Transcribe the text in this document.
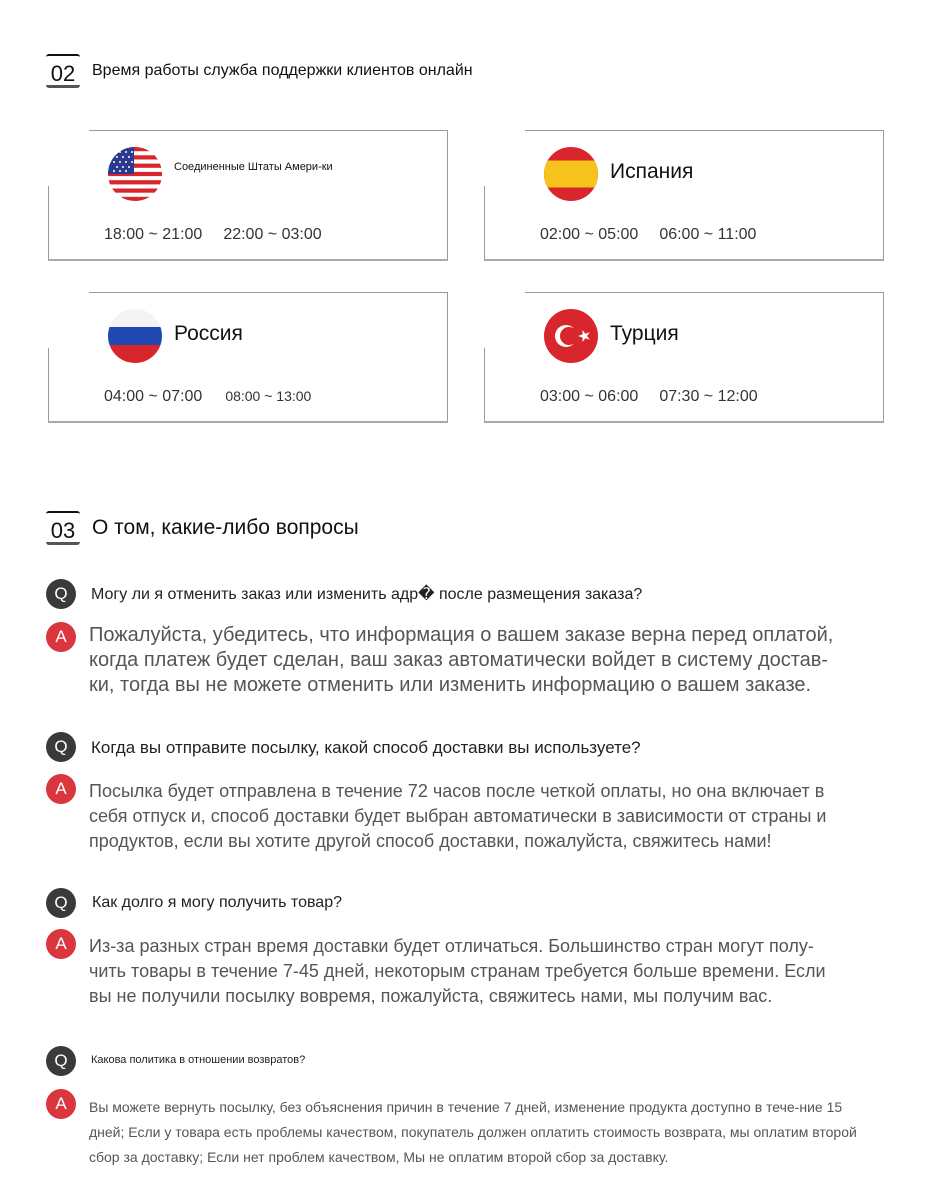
02 Время работы служба поддержки клиентов онлайн
Соединенные Штаты Амери-ки
18:00 ~ 21:00 22:00 ~ 03:00
Испания
02:00 ~ 05:00 06:00 ~ 11:00
Россия
04:00 ~ 07:00 08:00 ~ 13:00
Турция
03:00 ~ 06:00 07:30 ~ 12:00
03 О том, какие-либо вопросы
Q	Могу ли я отменить заказ или изменить адр� после размещения заказа?
A	Пожалуйста, убедитесь, что информация о вашем заказе верна перед оплатой, когда платеж будет сделан, ваш заказ автоматически войдет в систему достав-ки, тогда вы не можете отменить или изменить информацию о вашем заказе.
Q	Когда вы отправите посылку, какой способ доставки вы используете?
A	Посылка будет отправлена в течение 72 часов после четкой оплаты, но она включает в себя отпуск и, способ доставки будет выбран автоматически в зависимости от страны и продуктов, если вы хотите другой способ доставки, пожалуйста, свяжитесь нами!
Q	Как долго я могу получить товар?
A	Из-за разных стран время доставки будет отличаться. Большинство стран могут полу-чить товары в течение 7-45 дней, некоторым странам требуется больше времени. Если вы не получили посылку вовремя, пожалуйста, свяжитесь нами, мы получим вас.
Q	Какова политика в отношении возвратов?
A	Вы можете вернуть посылку, без объяснения причин в течение 7 дней, изменение продукта доступно в тече-ние 15 дней; Если у товара есть проблемы качеством, покупатель должен оплатить стоимость возврата, мы оплатим второй сбор за доставку; Если нет проблем качеством, Мы не оплатим второй сбор за доставку.
